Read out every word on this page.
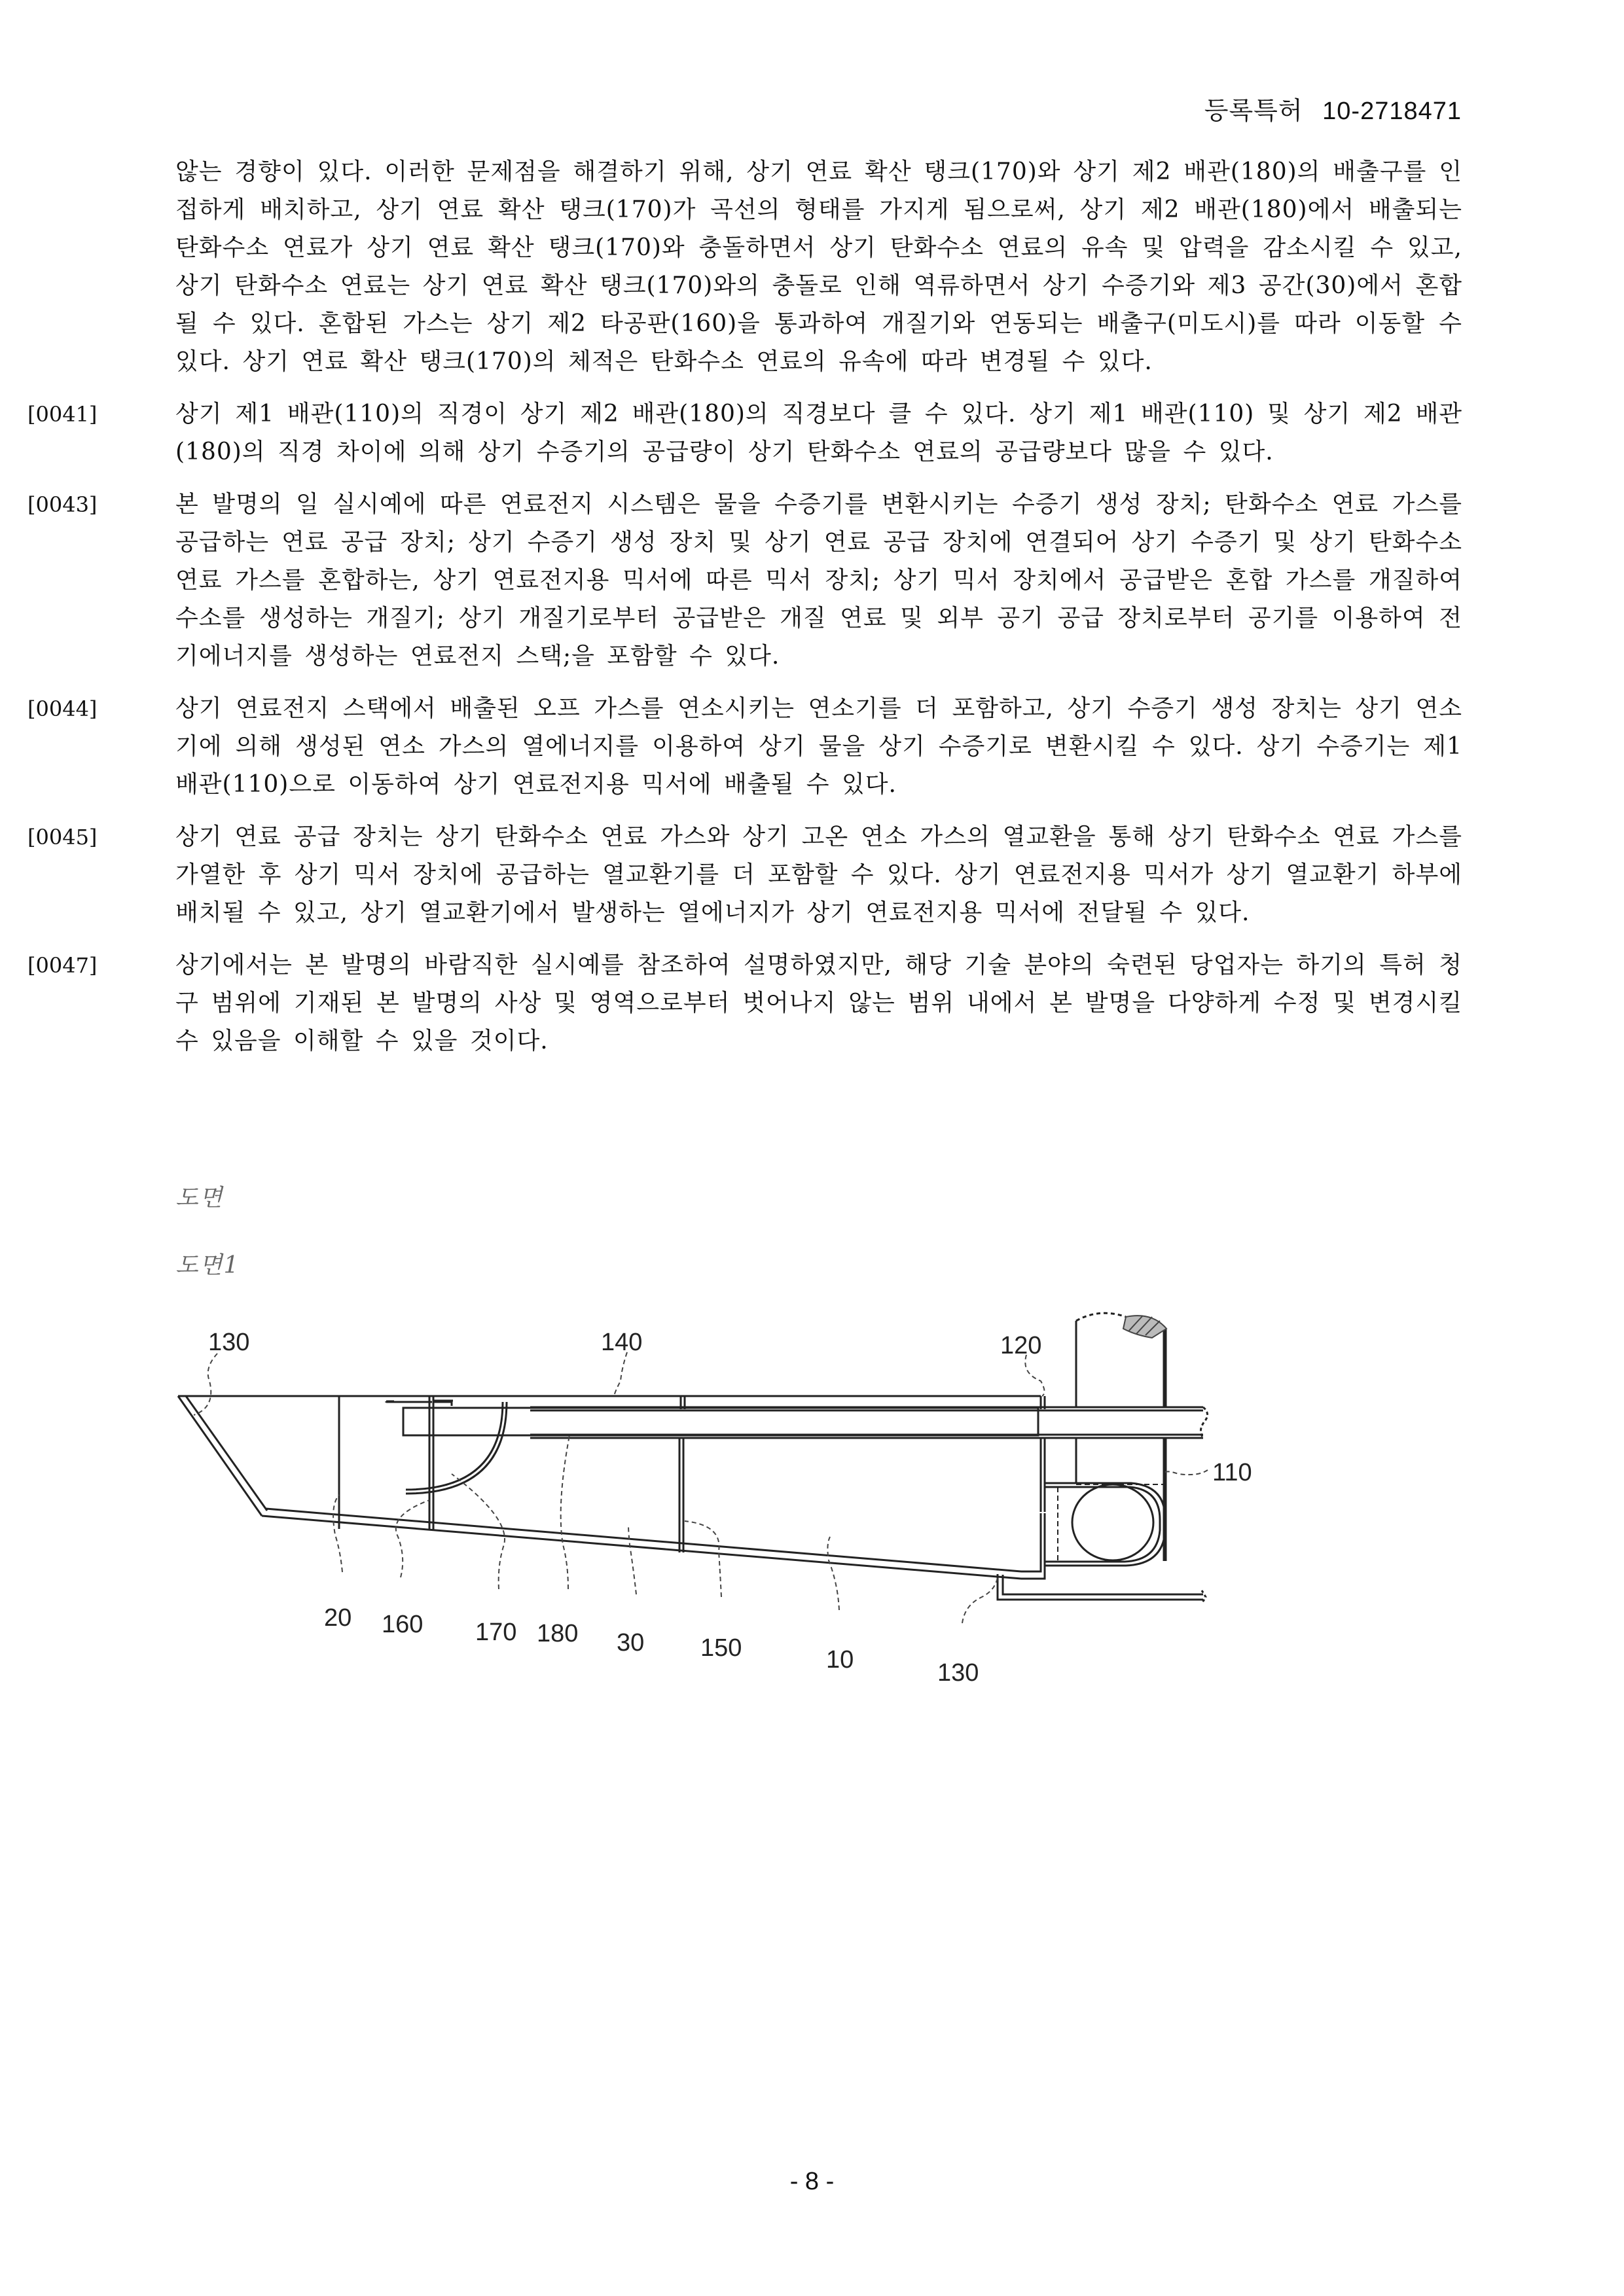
등록특허 10-2718471
않는 경향이 있다. 이러한 문제점을 해결하기 위해, 상기 연료 확산 탱크(170)와 상기 제2 배관(180)의 배출구를 인접하게 배치하고, 상기 연료 확산 탱크(170)가 곡선의 형태를 가지게 됨으로써, 상기 제2 배관(180)에서 배출되는 탄화수소 연료가 상기 연료 확산 탱크(170)와 충돌하면서 상기 탄화수소 연료의 유속 및 압력을 감소시킬 수 있고, 상기 탄화수소 연료는 상기 연료 확산 탱크(170)와의 충돌로 인해 역류하면서 상기 수증기와 제3 공간(30)에서 혼합될 수 있다. 혼합된 가스는 상기 제2 타공판(160)을 통과하여 개질기와 연동되는 배출구(미도시)를 따라 이동할 수 있다. 상기 연료 확산 탱크(170)의 체적은 탄화수소 연료의 유속에 따라 변경될 수 있다.
[0041]	상기 제1 배관(110)의 직경이 상기 제2 배관(180)의 직경보다 클 수 있다. 상기 제1 배관(110) 및 상기 제2 배관(180)의 직경 차이에 의해 상기 수증기의 공급량이 상기 탄화수소 연료의 공급량보다 많을 수 있다.
[0043]	본 발명의 일 실시예에 따른 연료전지 시스템은 물을 수증기를 변환시키는 수증기 생성 장치; 탄화수소 연료 가스를 공급하는 연료 공급 장치; 상기 수증기 생성 장치 및 상기 연료 공급 장치에 연결되어 상기 수증기 및 상기 탄화수소 연료 가스를 혼합하는, 상기 연료전지용 믹서에 따른 믹서 장치; 상기 믹서 장치에서 공급받은 혼합 가스를 개질하여 수소를 생성하는 개질기; 상기 개질기로부터 공급받은 개질 연료 및 외부 공기 공급 장치로부터 공기를 이용하여 전기에너지를 생성하는 연료전지 스택;을 포함할 수 있다.
[0044]	상기 연료전지 스택에서 배출된 오프 가스를 연소시키는 연소기를 더 포함하고, 상기 수증기 생성 장치는 상기 연소기에 의해 생성된 연소 가스의 열에너지를 이용하여 상기 물을 상기 수증기로 변환시킬 수 있다. 상기 수증기는 제1 배관(110)으로 이동하여 상기 연료전지용 믹서에 배출될 수 있다.
[0045]	상기 연료 공급 장치는 상기 탄화수소 연료 가스와 상기 고온 연소 가스의 열교환을 통해 상기 탄화수소 연료 가스를 가열한 후 상기 믹서 장치에 공급하는 열교환기를 더 포함할 수 있다. 상기 연료전지용 믹서가 상기 열교환기 하부에 배치될 수 있고, 상기 열교환기에서 발생하는 열에너지가 상기 연료전지용 믹서에 전달될 수 있다.
[0047]	상기에서는 본 발명의 바람직한 실시예를 참조하여 설명하였지만, 해당 기술 분야의 숙련된 당업자는 하기의 특허 청구 범위에 기재된 본 발명의 사상 및 영역으로부터 벗어나지 않는 범위 내에서 본 발명을 다양하게 수정 및 변경시킬 수 있음을 이해할 수 있을 것이다.
도면
도면1
130	140	120
110
20 160 170 180 30 150	10	130
- 8 -
